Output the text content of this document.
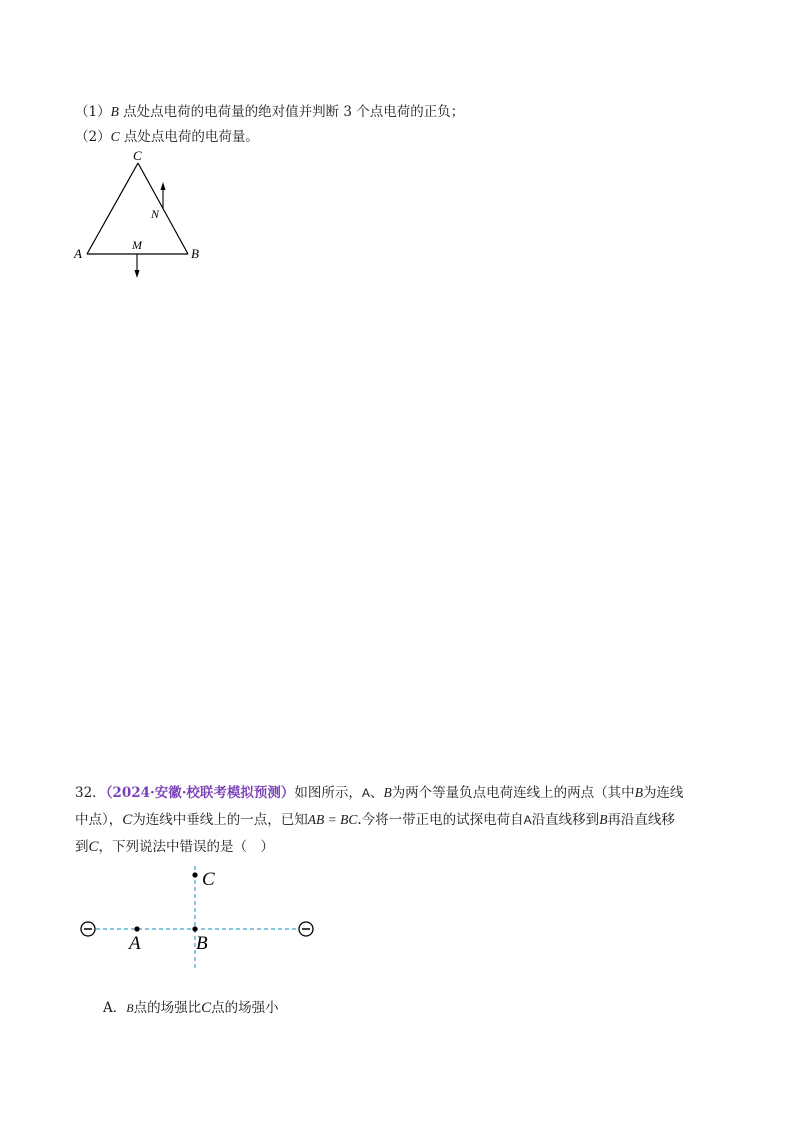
（1）B 点处点电荷的电荷量的绝对值并判断 3 个点电荷的正负；
（2）C 点处点电荷的电荷量。
C
A	B
M
N
32．（2024·安徽·校联考模拟预测）如图所示，A、B为两个等量负点电荷连线上的两点（其中B为连线
中点），C为连线中垂线上的一点，已知AB = BC.今将一带正电的试探电荷自A沿直线移到B再沿直线移
到C，下列说法中错误的是（　）
C
A	B
A．B点的场强比C点的场强小
